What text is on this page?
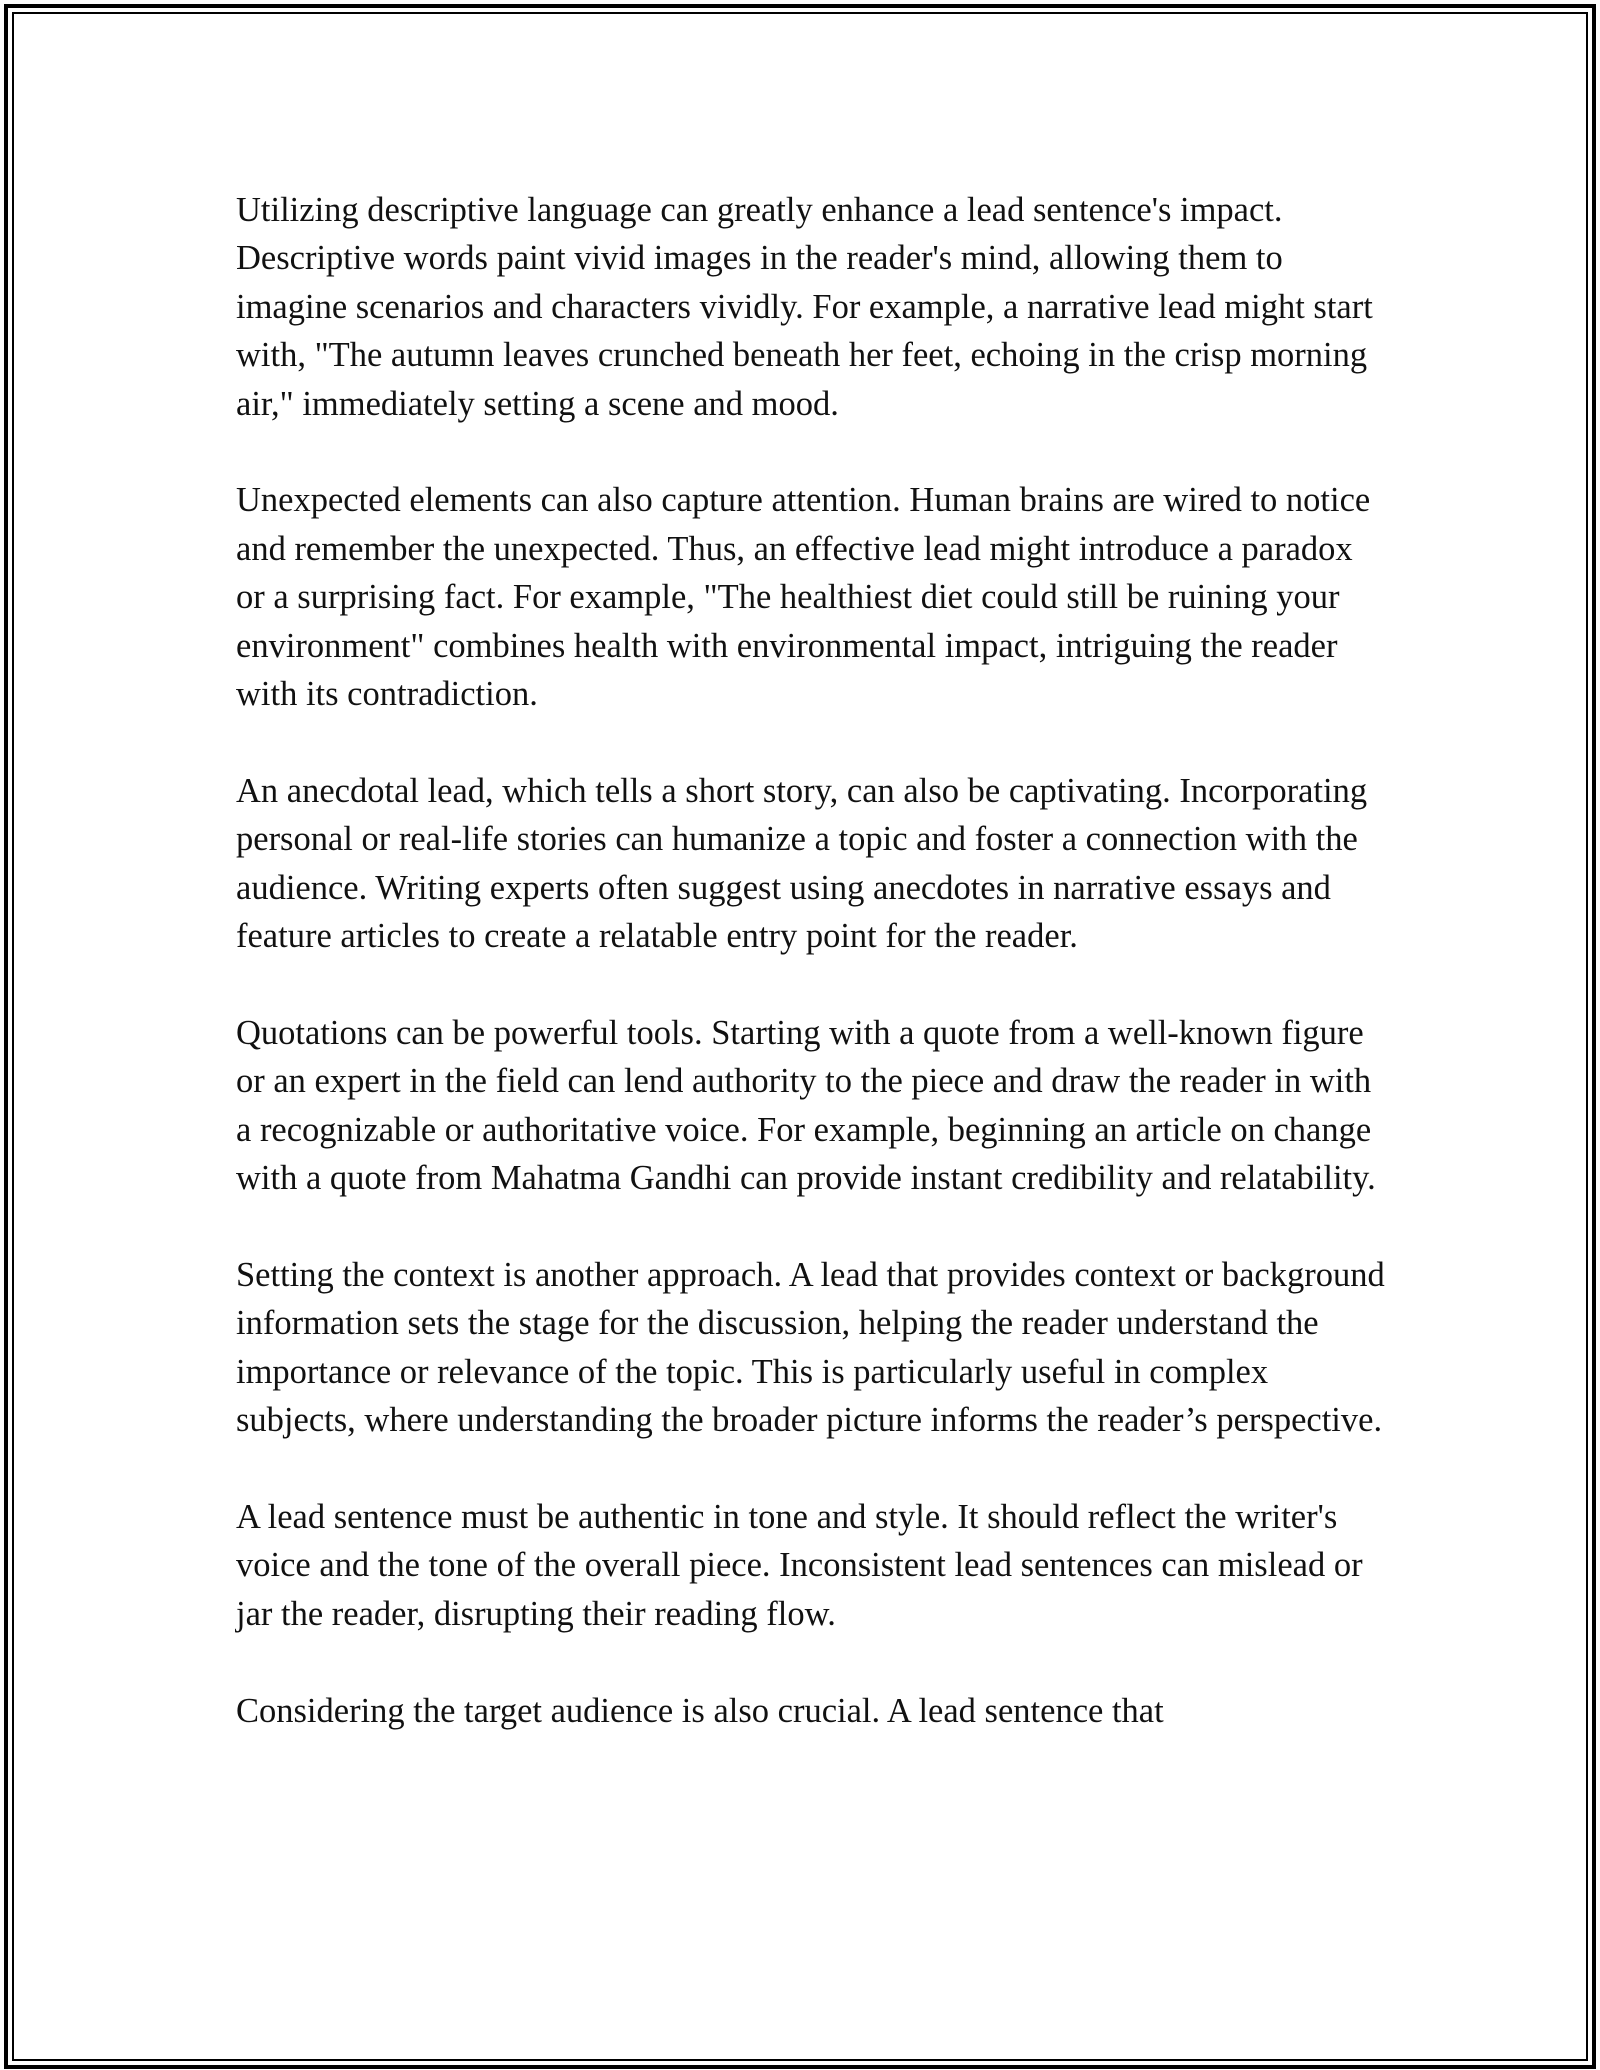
Utilizing descriptive language can greatly enhance a lead sentence's impact. Descriptive words paint vivid images in the reader's mind, allowing them to imagine scenarios and characters vividly. For example, a narrative lead might start with, "The autumn leaves crunched beneath her feet, echoing in the crisp morning air," immediately setting a scene and mood.

Unexpected elements can also capture attention. Human brains are wired to notice and remember the unexpected. Thus, an effective lead might introduce a paradox or a surprising fact. For example, "The healthiest diet could still be ruining your environment" combines health with environmental impact, intriguing the reader with its contradiction.

An anecdotal lead, which tells a short story, can also be captivating. Incorporating personal or real-life stories can humanize a topic and foster a connection with the audience. Writing experts often suggest using anecdotes in narrative essays and feature articles to create a relatable entry point for the reader.

Quotations can be powerful tools. Starting with a quote from a well-known figure or an expert in the field can lend authority to the piece and draw the reader in with a recognizable or authoritative voice. For example, beginning an article on change with a quote from Mahatma Gandhi can provide instant credibility and relatability.

Setting the context is another approach. A lead that provides context or background information sets the stage for the discussion, helping the reader understand the importance or relevance of the topic. This is particularly useful in complex subjects, where understanding the broader picture informs the reader’s perspective.

A lead sentence must be authentic in tone and style. It should reflect the writer's voice and the tone of the overall piece. Inconsistent lead sentences can mislead or jar the reader, disrupting their reading flow.

Considering the target audience is also crucial. A lead sentence that
